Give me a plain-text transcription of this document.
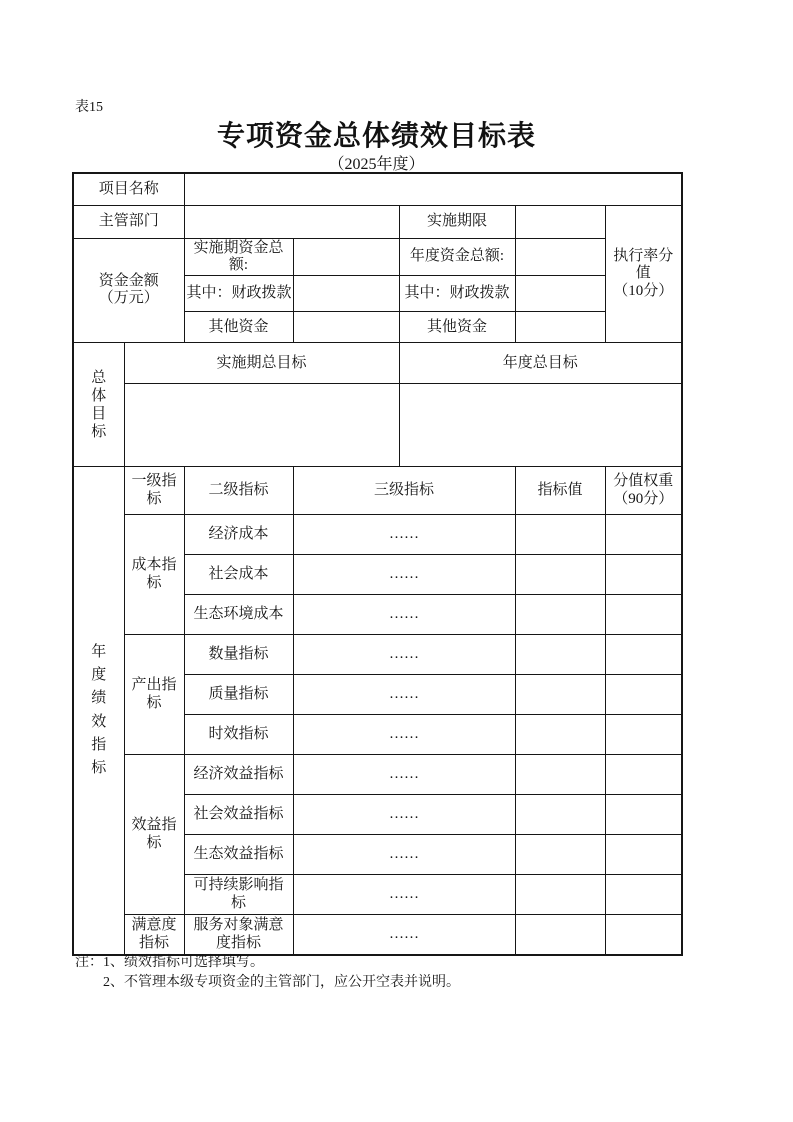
表15
专项资金总体绩效目标表
（2025年度）
项目名称						
主管部门				实施期限		执行率分值
（10分）

资金金额
（万元）		实施期资金总额:		年度资金总额:		
		其中：财政拨款		其中：财政拨款		
		其他资金		其他资金		

总体目标	实施期总目标			年度总目标		

年度绩效指标	一级指标	二级指标	三级指标		指标值	分值权重
（90分）

	成本指标	经济成本	……			
		社会成本	……			
		生态环境成本	……			
	产出指标	数量指标	……			
		质量指标	……			
		时效指标	……			
	效益指标	经济效益指标	……			
		社会效益指标	……			
		生态效益指标	……			
		可持续影响指标	……			
	满意度指标	服务对象满意度指标	……			
注：1、绩效指标可选择填写。
2、不管理本级专项资金的主管部门，应公开空表并说明。
